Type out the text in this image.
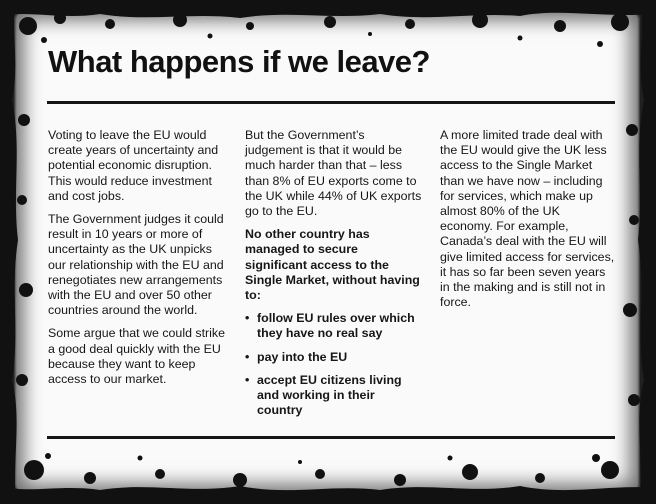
What happens if we leave?

Voting to leave the EU would create years of uncertainty and potential economic disruption. This would reduce investment and cost jobs.

The Government judges it could result in 10 years or more of uncertainty as the UK unpicks our relationship with the EU and renegotiates new arrangements with the EU and over 50 other countries around the world.

Some argue that we could strike a good deal quickly with the EU because they want to keep access to our market.

But the Government’s judgement is that it would be much harder than that – less than 8% of EU exports come to the UK while 44% of UK exports go to the EU.

No other country has managed to secure significant access to the Single Market, without having to:

• follow EU rules over which they have no real say
• pay into the EU
• accept EU citizens living and working in their country

A more limited trade deal with the EU would give the UK less access to the Single Market than we have now – including for services, which make up almost 80% of the UK economy. For example, Canada’s deal with the EU will give limited access for services, it has so far been seven years in the making and is still not in force.
